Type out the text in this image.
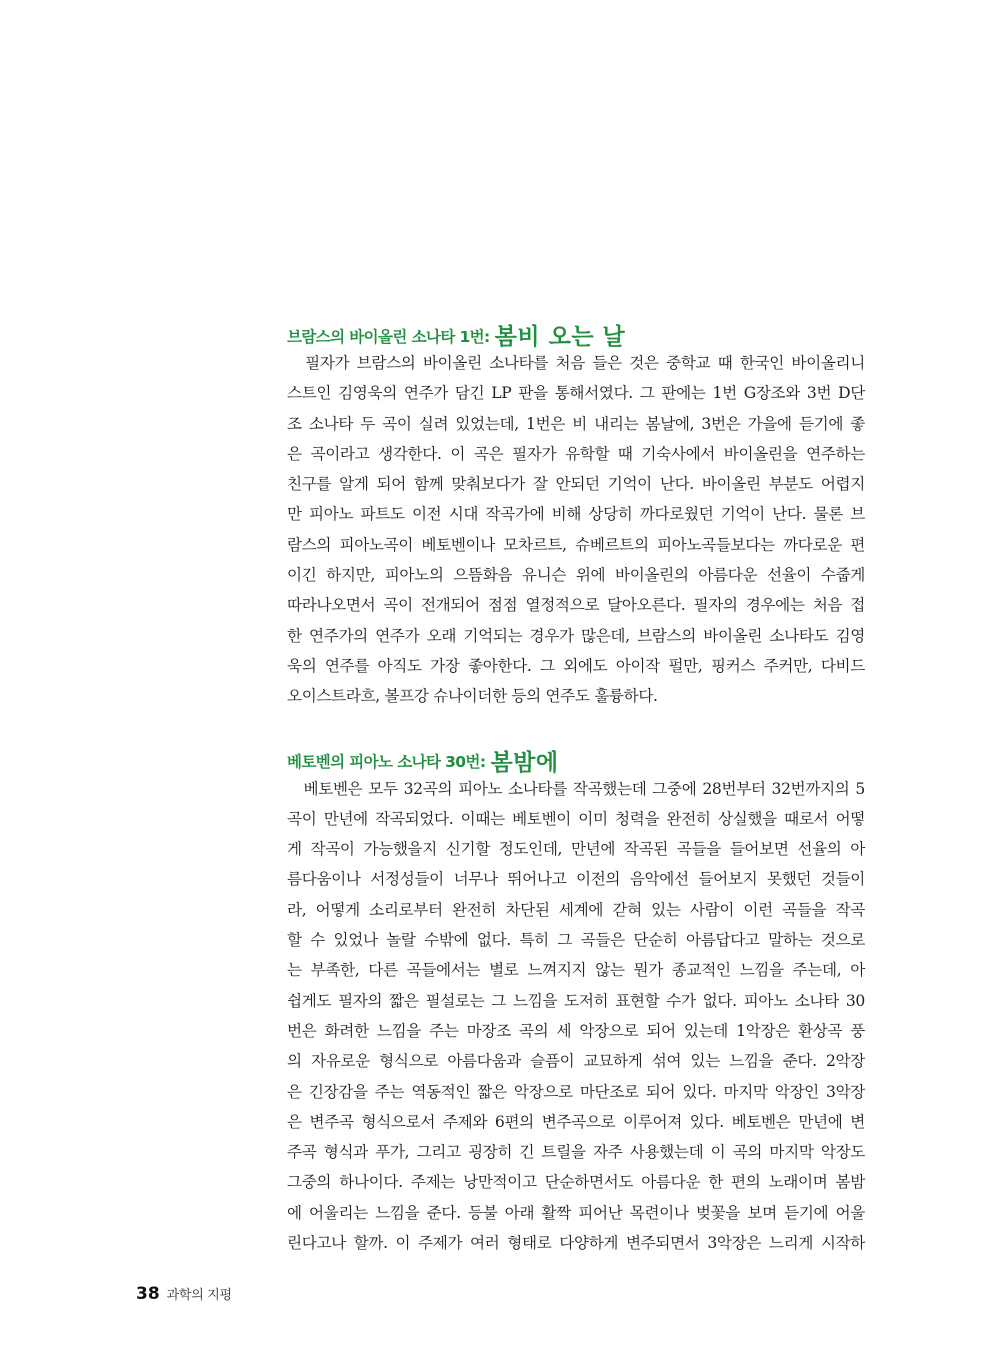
브람스의 바이올린 소나타 1번: 봄비 오는 날
　필자가 브람스의 바이올린 소나타를 처음 들은 것은 중학교 때 한국인 바이올리니
스트인 김영욱의 연주가 담긴 LP 판을 통해서였다. 그 판에는 1번 G장조와 3번 D단
조 소나타 두 곡이 실려 있었는데, 1번은 비 내리는 봄날에, 3번은 가을에 듣기에 좋
은 곡이라고 생각한다. 이 곡은 필자가 유학할 때 기숙사에서 바이올린을 연주하는
친구를 알게 되어 함께 맞춰보다가 잘 안되던 기억이 난다. 바이올린 부분도 어렵지
만 피아노 파트도 이전 시대 작곡가에 비해 상당히 까다로웠던 기억이 난다. 물론 브
람스의 피아노곡이 베토벤이나 모차르트, 슈베르트의 피아노곡들보다는 까다로운 편
이긴 하지만, 피아노의 으뜸화음 유니슨 위에 바이올린의 아름다운 선율이 수줍게
따라나오면서 곡이 전개되어 점점 열정적으로 달아오른다. 필자의 경우에는 처음 접
한 연주가의 연주가 오래 기억되는 경우가 많은데, 브람스의 바이올린 소나타도 김영
욱의 연주를 아직도 가장 좋아한다. 그 외에도 아이작 펄만, 핑커스 주커만, 다비드
오이스트라흐, 볼프강 슈나이더한 등의 연주도 훌륭하다.
베토벤의 피아노 소나타 30번: 봄밤에
　베토벤은 모두 32곡의 피아노 소나타를 작곡했는데 그중에 28번부터 32번까지의 5
곡이 만년에 작곡되었다. 이때는 베토벤이 이미 청력을 완전히 상실했을 때로서 어떻
게 작곡이 가능했을지 신기할 정도인데, 만년에 작곡된 곡들을 들어보면 선율의 아
름다움이나 서정성들이 너무나 뛰어나고 이전의 음악에선 들어보지 못했던 것들이
라, 어떻게 소리로부터 완전히 차단된 세계에 갇혀 있는 사람이 이런 곡들을 작곡
할 수 있었나 놀랄 수밖에 없다. 특히 그 곡들은 단순히 아름답다고 말하는 것으로
는 부족한, 다른 곡들에서는 별로 느껴지지 않는 뭔가 종교적인 느낌을 주는데, 아
쉽게도 필자의 짧은 필설로는 그 느낌을 도저히 표현할 수가 없다. 피아노 소나타 30
번은 화려한 느낌을 주는 마장조 곡의 세 악장으로 되어 있는데 1악장은 환상곡 풍
의 자유로운 형식으로 아름다움과 슬픔이 교묘하게 섞여 있는 느낌을 준다. 2악장
은 긴장감을 주는 역동적인 짧은 악장으로 마단조로 되어 있다. 마지막 악장인 3악장
은 변주곡 형식으로서 주제와 6편의 변주곡으로 이루어져 있다. 베토벤은 만년에 변
주곡 형식과 푸가, 그리고 굉장히 긴 트릴을 자주 사용했는데 이 곡의 마지막 악장도
그중의 하나이다. 주제는 낭만적이고 단순하면서도 아름다운 한 편의 노래이며 봄밤
에 어울리는 느낌을 준다. 등불 아래 활짝 피어난 목련이나 벚꽃을 보며 듣기에 어울
린다고나 할까. 이 주제가 여러 형태로 다양하게 변주되면서 3악장은 느리게 시작하
38 과학의 지평
